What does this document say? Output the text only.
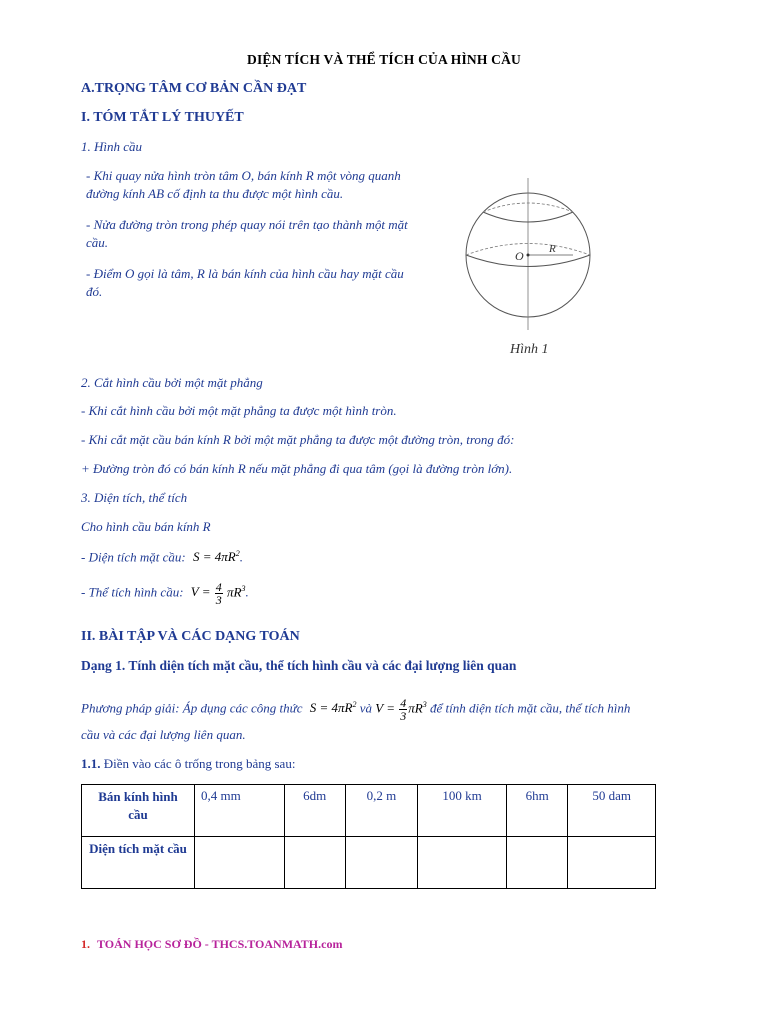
DIỆN TÍCH VÀ THỂ TÍCH CỦA HÌNH CẦU
A.TRỌNG TÂM CƠ BẢN CẦN ĐẠT
I. TÓM TẮT LÝ THUYẾT
1. Hình cầu
- Khi quay nửa hình tròn tâm O, bán kính R một vòng quanh
đường kính AB cố định ta thu được một hình cầu.
- Nửa đường tròn trong phép quay nói trên tạo thành một mặt
cầu.
- Điểm O gọi là tâm, R là bán kính của hình cầu hay mặt cầu
đó.
O R
Hình 1
2. Cắt hình cầu bởi một mặt phẳng
- Khi cắt hình cầu bởi một mặt phẳng ta được một hình tròn.
- Khi cắt mặt cầu bán kính R bởi một mặt phẳng ta được một đường tròn, trong đó:
+ Đường tròn đó có bán kính R nếu mặt phẳng đi qua tâm (gọi là đường tròn lớn).
3. Diện tích, thể tích
Cho hình cầu bán kính R
- Diện tích mặt cầu: $S = 4\pi R^2$.
- Thể tích hình cầu: $V = \frac{4}{3} \pi R^3$.
II. BÀI TẬP VÀ CÁC DẠNG TOÁN
Dạng 1. Tính diện tích mặt cầu, thể tích hình cầu và các đại lượng liên quan
Phương pháp giải: Áp dụng các công thức $S = 4\pi R^2$ và $V = \frac{4}{3} \pi R^3$ để tính diện tích mặt cầu, thể tích hình
cầu và các đại lượng liên quan.
1.1. Điền vào các ô trống trong bảng sau:
Bán kính hình cầu	0,4 mm	6dm	0,2 m	100 km	6hm	50 dam
Diện tích mặt cầu						
1. TOÁN HỌC SƠ ĐỒ - THCS.TOANMATH.com
